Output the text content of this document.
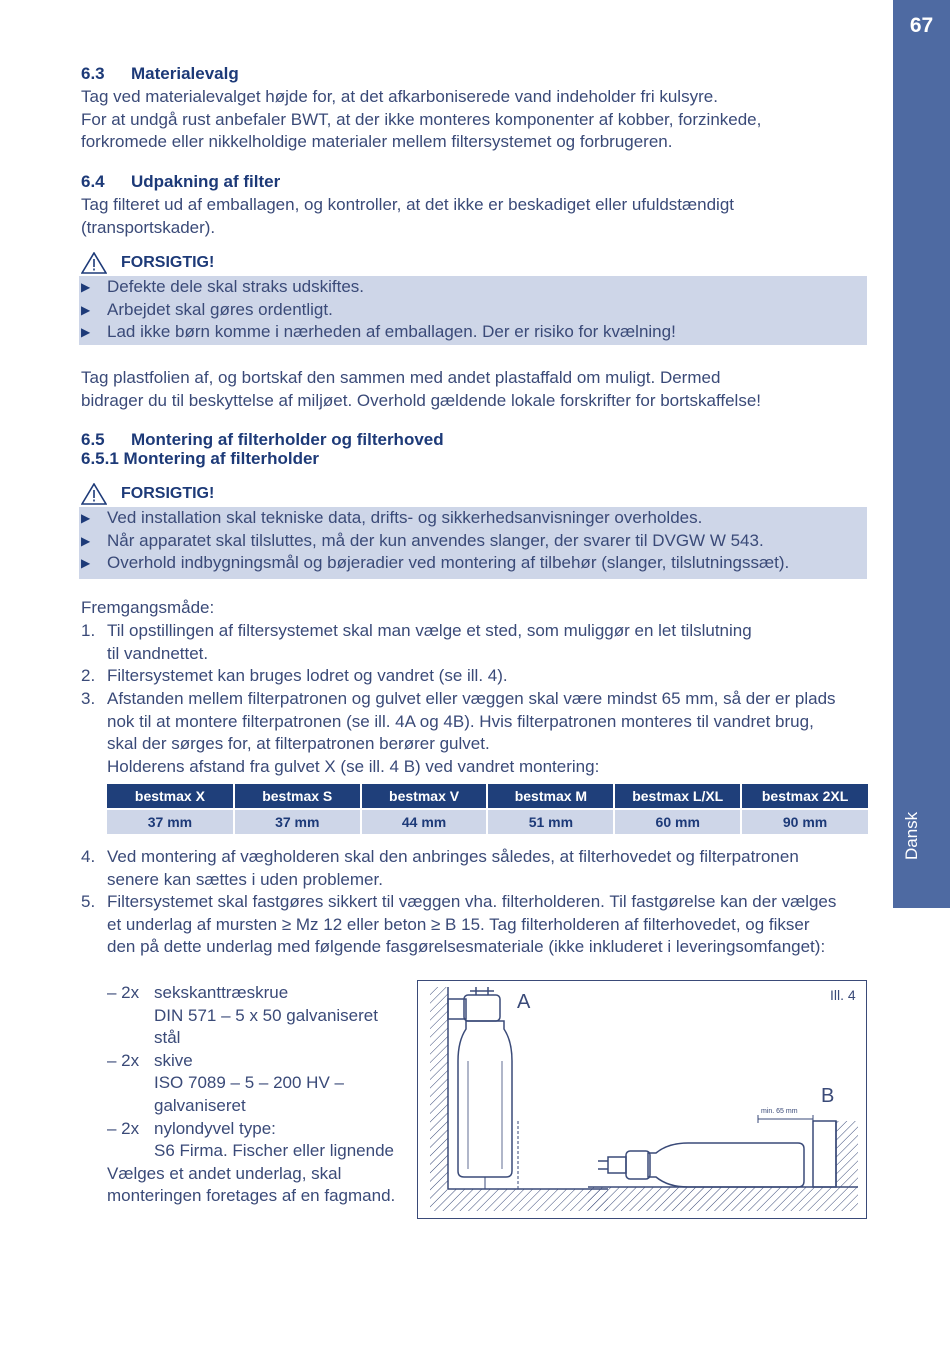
67
Dansk
6.3 Materialevalg
Tag ved materialevalget højde for, at det afkarboniserede vand indeholder fri kulsyre.
For at undgå rust anbefaler BWT, at der ikke monteres komponenter af kobber, forzinkede,
forkromede eller nikkelholdige materialer mellem filtersystemet og forbrugeren.
6.4 Udpakning af filter
Tag filteret ud af emballagen, og kontroller, at det ikke er beskadiget eller ufuldstændigt
(transportskader).
FORSIGTIG!
▶ Defekte dele skal straks udskiftes.
▶ Arbejdet skal gøres ordentligt.
▶ Lad ikke børn komme i nærheden af emballagen. Der er risiko for kvælning!
Tag plastfolien af, og bortskaf den sammen med andet plastaffald om muligt. Dermed
bidrager du til beskyttelse af miljøet. Overhold gældende lokale forskrifter for bortskaffelse!
6.5 Montering af filterholder og filterhoved
6.5.1 Montering af filterholder
FORSIGTIG!
▶ Ved installation skal tekniske data, drifts- og sikkerhedsanvisninger overholdes.
▶ Når apparatet skal tilsluttes, må der kun anvendes slanger, der svarer til DVGW W 543.
▶ Overhold indbygningsmål og bøjeradier ved montering af tilbehør (slanger, tilslutningssæt).
Fremgangsmåde:
1. Til opstillingen af filtersystemet skal man vælge et sted, som muliggør en let tilslutning
til vandnettet.
2. Filtersystemet kan bruges lodret og vandret (se ill. 4).
3. Afstanden mellem filterpatronen og gulvet eller væggen skal være mindst 65 mm, så der er plads
nok til at montere filterpatronen (se ill. 4A og 4B). Hvis filterpatronen monteres til vandret brug,
skal der sørges for, at filterpatronen berører gulvet.
Holderens afstand fra gulvet X (se ill. 4 B) ved vandret montering:
bestmax X	bestmax S	bestmax V	bestmax M	bestmax L/XL	bestmax 2XL
37 mm	37 mm	44 mm	51 mm	60 mm	90 mm
4. Ved montering af vægholderen skal den anbringes således, at filterhovedet og filterpatronen
senere kan sættes i uden problemer.
5. Filtersystemet skal fastgøres sikkert til væggen vha. filterholderen. Til fastgørelse kan der vælges
et underlag af mursten ≥ Mz 12 eller beton ≥ B 15. Tag filterholderen af filterhovedet, og fikser
den på dette underlag med følgende fasgørelsesmateriale (ikke inkluderet i leveringsomfanget):
– 2x sekskanttræskrue
DIN 571 – 5 x 50 galvaniseret
stål
– 2x skive
ISO 7089 – 5 – 200 HV –
galvaniseret
– 2x nylondyvel type:
S6 Firma. Fischer eller lignende
Vælges et andet underlag, skal
monteringen foretages af en fagmand.
A
B
Ill. 4
min. 65 mm
